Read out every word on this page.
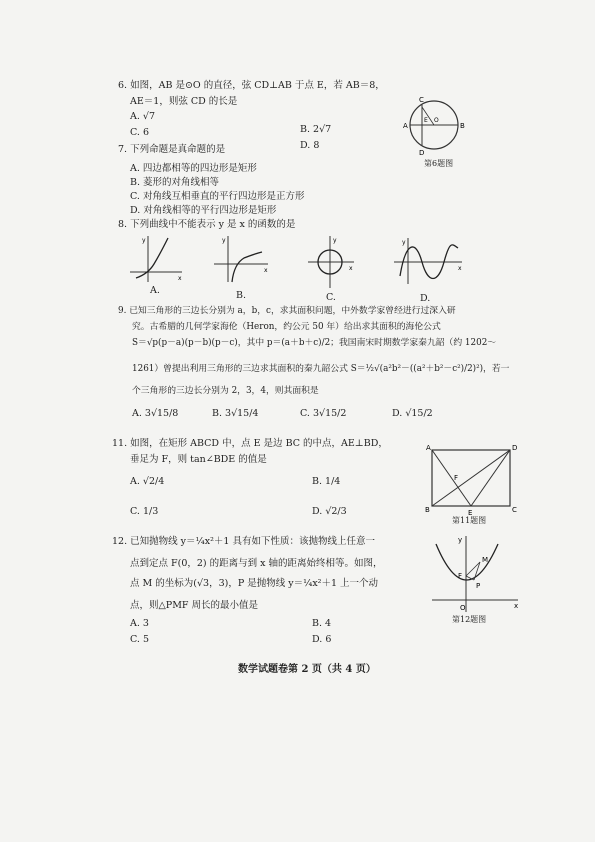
6. 如图，AB 是⊙O 的直径，弦 CD⊥AB 于点 E，若 AB＝8，
AE＝1，则弦 CD 的长是
A. √7
B. 2√7
C. 6
D. 8
C
A	B
E O
D
第6题图
7. 下列命题是真命题的是
A. 四边都相等的四边形是矩形
B. 菱形的对角线相等
C. 对角线互相垂直的平行四边形是正方形
D. 对角线相等的平行四边形是矩形
8. 下列曲线中不能表示 y 是 x 的函数的是
y
x
y
x
y
x
y
x
A.	B.	C.	D.
9. 已知三角形的三边长分别为 a，b，c，求其面积问题，中外数学家曾经进行过深入研
究。古希腊的几何学家海伦（Heron，约公元 50 年）给出求其面积的海伦公式
S＝√p(p－a)(p－b)(p－c)，其中 p＝(a＋b＋c)/2；我国南宋时期数学家秦九韶（约 1202～
1261）曾提出利用三角形的三边求其面积的秦九韶公式 S＝½√(a²b²－((a²＋b²－c²)/2)²)，若一
个三角形的三边长分别为 2，3，4，则其面积是
A. 3√15/8	B. 3√15/4	C. 3√15/2	D. √15/2
11. 如图，在矩形 ABCD 中，点 E 是边 BC 的中点，AE⊥BD，
垂足为 F，则 tan∠BDE 的值是
A. √2/4	B. 1/4
C. 1/3	D. √2/3
A	D
B	C
E
F
第11题图
12. 已知抛物线 y＝¼x²＋1 具有如下性质：该抛物线上任意一
点到定点 F(0，2) 的距离与到 x 轴的距离始终相等。如图，
点 M 的坐标为(√3，3)，P 是抛物线 y＝¼x²＋1 上一个动
点，则△PMF 周长的最小值是
A. 3	B. 4
C. 5	D. 6
y
x
O
M
F
P
第12题图
数学试题卷第 2 页（共 4 页）
